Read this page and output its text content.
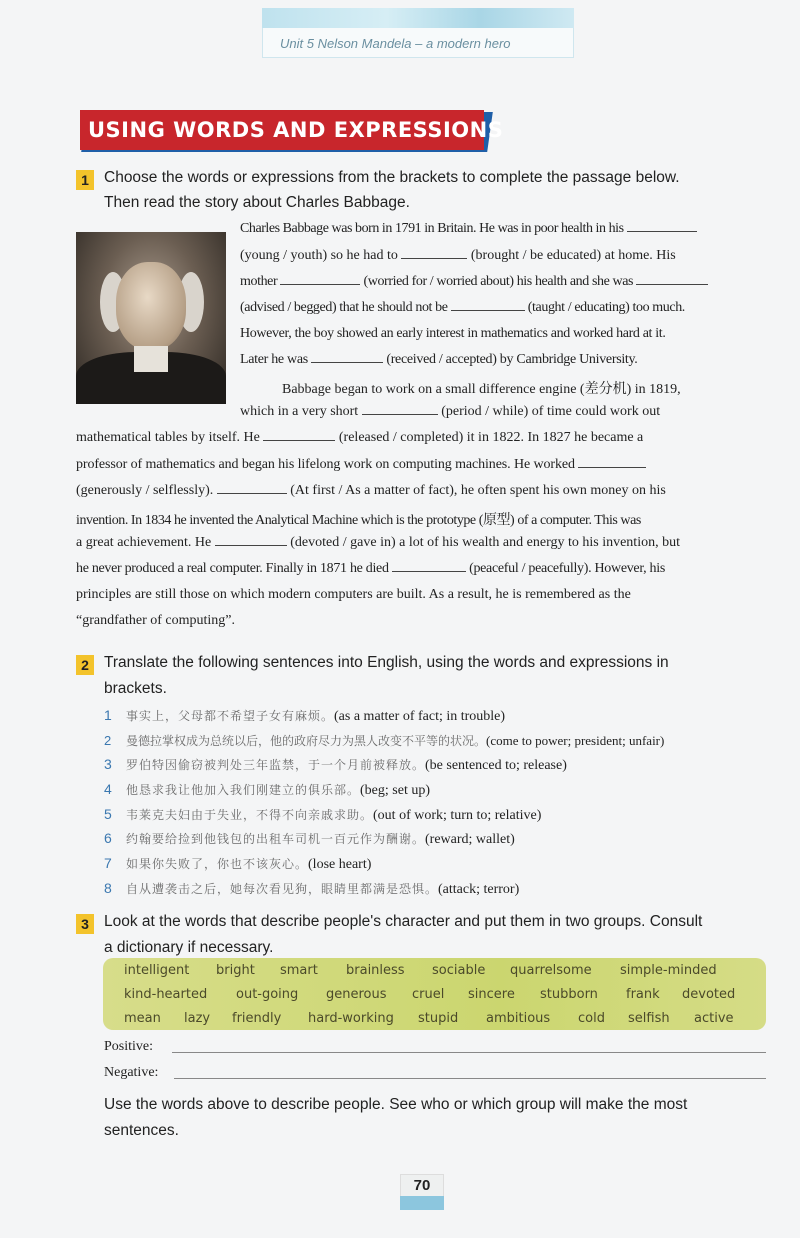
Unit 5 Nelson Mandela – a modern hero
USING WORDS AND EXPRESSIONS
1 Choose the words or expressions from the brackets to complete the passage below.
Then read the story about Charles Babbage.
Charles Babbage was born in 1791 in Britain. He was in poor health in his
(young / youth) so he had to	(brought / be educated) at home. His
mother	(worried for / worried about) his health and she was
(advised / begged) that he should not be	(taught / educating) too much.
However, the boy showed an early interest in mathematics and worked hard at it.
Later he was	(received / accepted) by Cambridge University.
Babbage began to work on a small difference engine (差分机) in 1819,
which in a very short	(period / while) of time could work out
mathematical tables by itself. He	(released / completed) it in 1822. In 1827 he became a
professor of mathematics and began his lifelong work on computing machines. He worked
(generously / selflessly).	(At first / As a matter of fact), he often spent his own money on his
invention. In 1834 he invented the Analytical Machine which is the prototype (原型) of a computer. This was
a great achievement. He	(devoted / gave in) a lot of his wealth and energy to his invention, but
he never produced a real computer. Finally in 1871 he died	(peaceful / peacefully). However, his
principles are still those on which modern computers are built. As a result, he is remembered as the
“grandfather of computing”.
2 Translate the following sentences into English, using the words and expressions in
brackets.
1 事实上，父母都不希望子女有麻烦。(as a matter of fact; in trouble)
2 曼德拉掌权成为总统以后，他的政府尽力为黑人改变不平等的状况。(come to power; president; unfair)
3 罗伯特因偷窃被判处三年监禁，于一个月前被释放。(be sentenced to; release)
4 他恳求我让他加入我们刚建立的俱乐部。(beg; set up)
5 韦莱克夫妇由于失业，不得不向亲戚求助。(out of work; turn to; relative)
6 约翰要给捡到他钱包的出租车司机一百元作为酬谢。(reward; wallet)
7 如果你失败了，你也不该灰心。(lose heart)
8 自从遭袭击之后，她每次看见狗，眼睛里都满是恐惧。(attack; terror)
3 Look at the words that describe people's character and put them in two groups. Consult
a dictionary if necessary.
intelligent bright smart brainless sociable quarrelsome simple-minded
kind-hearted out-going generous cruel sincere stubborn frank devoted
mean lazy friendly hard-working stupid ambitious cold selfish active
Positive:
Negative:
Use the words above to describe people. See who or which group will make the most
sentences.
70
